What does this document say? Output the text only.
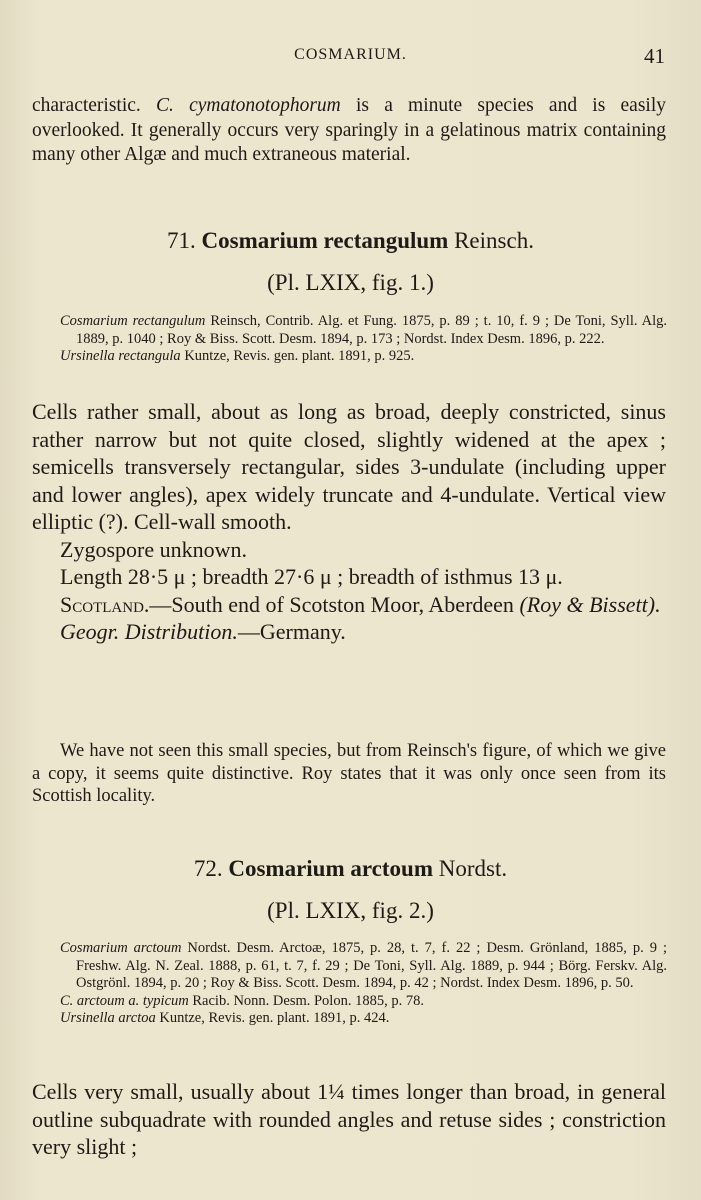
COSMARIUM.	41

characteristic. C. cymatonotophorum is a minute species and is easily overlooked. It generally occurs very sparingly in a gelatinous matrix containing many other Algæ and much extraneous material.

71. Cosmarium rectangulum Reinsch.

(Pl. LXIX, fig. 1.)

Cosmarium rectangulum Reinsch, Contrib. Alg. et Fung. 1875, p. 89 ; t. 10, f. 9 ; De Toni, Syll. Alg. 1889, p. 1040 ; Roy & Biss. Scott. Desm. 1894, p. 173 ; Nordst. Index Desm. 1896, p. 222.
Ursinella rectangula Kuntze, Revis. gen. plant. 1891, p. 925.
Cells rather small, about as long as broad, deeply constricted, sinus rather narrow but not quite closed, slightly widened at the apex ; semicells transversely rectangular, sides 3-undulate (including upper and lower angles), apex widely truncate and 4-undulate. Vertical view elliptic (?). Cell-wall smooth.
Zygospore unknown.
Length 28·5 μ ; breadth 27·6 μ ; breadth of isthmus 13 μ.
Scotland.—South end of Scotston Moor, Aberdeen (Roy & Bissett).
Geogr. Distribution.—Germany.

We have not seen this small species, but from Reinsch's figure, of which we give a copy, it seems quite distinctive. Roy states that it was only once seen from its Scottish locality.

72. Cosmarium arctoum Nordst.

(Pl. LXIX, fig. 2.)

Cosmarium arctoum Nordst. Desm. Arctoæ, 1875, p. 28, t. 7, f. 22 ; Desm. Grönland, 1885, p. 9 ; Freshw. Alg. N. Zeal. 1888, p. 61, t. 7, f. 29 ; De Toni, Syll. Alg. 1889, p. 944 ; Börg. Ferskv. Alg. Ostgrönl. 1894, p. 20 ; Roy & Biss. Scott. Desm. 1894, p. 42 ; Nordst. Index Desm. 1896, p. 50.
C. arctoum a. typicum Racib. Nonn. Desm. Polon. 1885, p. 78.
Ursinella arctoa Kuntze, Revis. gen. plant. 1891, p. 424.

Cells very small, usually about 1¼ times longer than broad, in general outline subquadrate with rounded angles and retuse sides ; constriction very slight ;
